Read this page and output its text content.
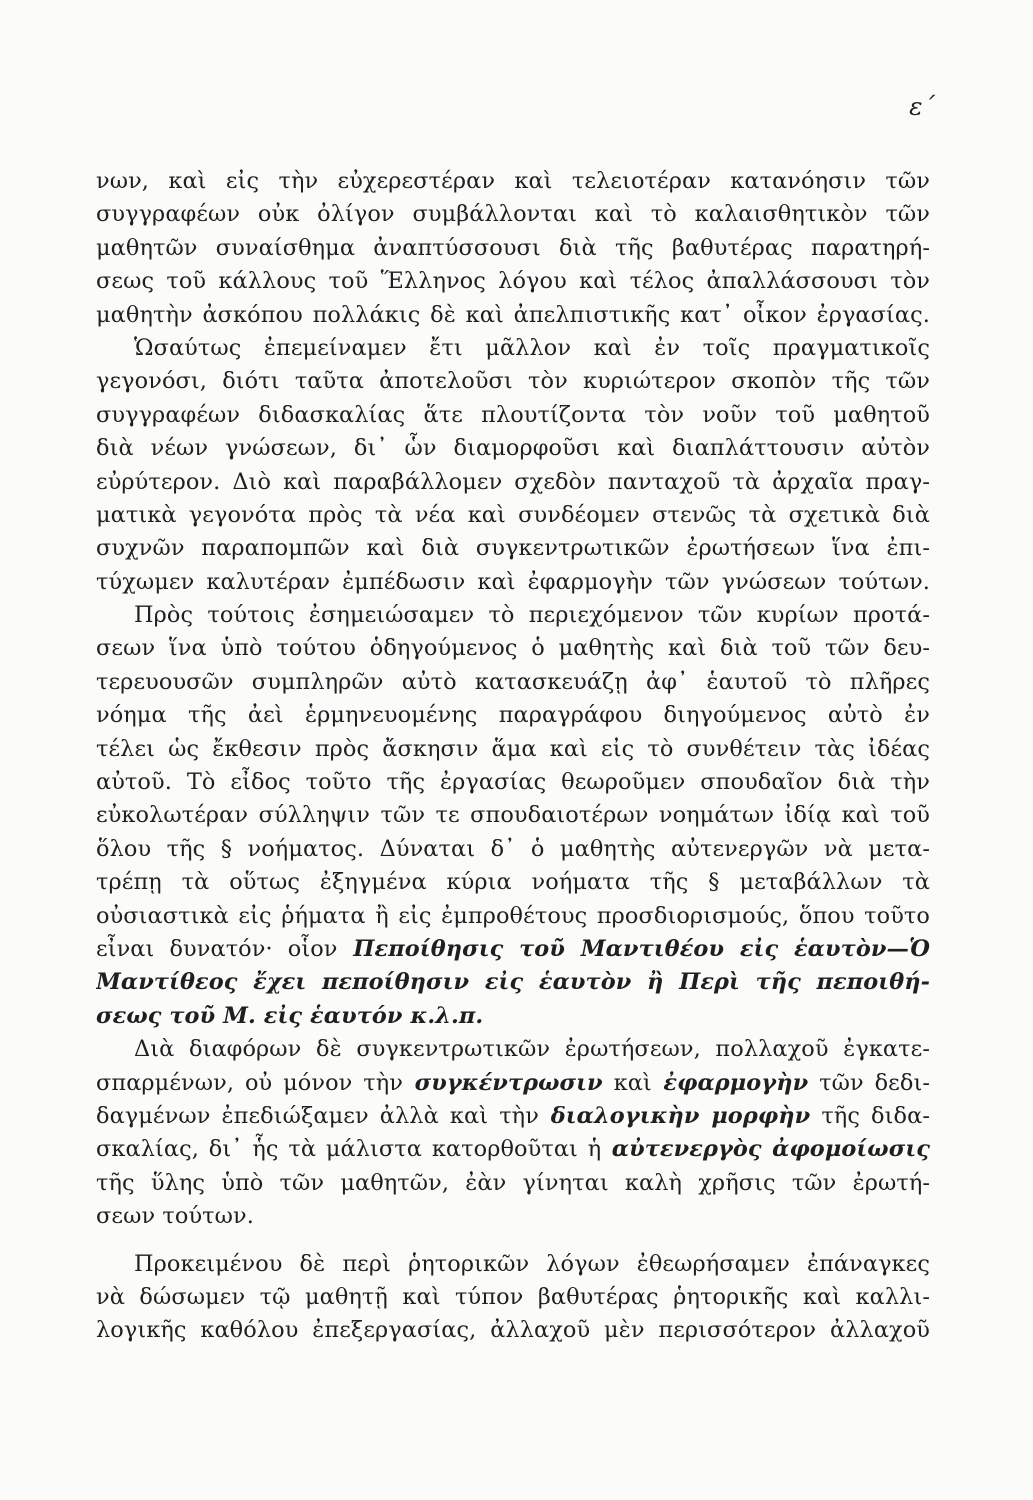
ε΄
νων, καὶ εἰς τὴν εὐχερεστέραν καὶ τελειοτέραν κατανόησιν τῶν
συγγραφέων οὐκ ὀλίγον συμβάλλονται καὶ τὸ καλαισθητικὸν τῶν
μαθητῶν συναίσθημα ἀναπτύσσουσι διὰ τῆς βαθυτέρας παρατηρή-
σεως τοῦ κάλλους τοῦ Ἕλληνος λόγου καὶ τέλος ἀπαλλάσσουσι τὸν
μαθητὴν ἀσκόπου πολλάκις δὲ καὶ ἀπελπιστικῆς κατ᾽ οἶκον ἐργασίας.
Ὡσαύτως ἐπεμείναμεν ἔτι μᾶλλον καὶ ἐν τοῖς πραγματικοῖς
γεγονόσι, διότι ταῦτα ἀποτελοῦσι τὸν κυριώτερον σκοπὸν τῆς τῶν
συγγραφέων διδασκαλίας ἅτε πλουτίζοντα τὸν νοῦν τοῦ μαθητοῦ
διὰ νέων γνώσεων, δι᾽ ὧν διαμορφοῦσι καὶ διαπλάττουσιν αὐτὸν
εὐρύτερον. Διὸ καὶ παραβάλλομεν σχεδὸν πανταχοῦ τὰ ἀρχαῖα πραγ-
ματικὰ γεγονότα πρὸς τὰ νέα καὶ συνδέομεν στενῶς τὰ σχετικὰ διὰ
συχνῶν παραπομπῶν καὶ διὰ συγκεντρωτικῶν ἐρωτήσεων ἵνα ἐπι-
τύχωμεν καλυτέραν ἐμπέδωσιν καὶ ἐφαρμογὴν τῶν γνώσεων τούτων.
Πρὸς τούτοις ἐσημειώσαμεν τὸ περιεχόμενον τῶν κυρίων προτά-
σεων ἵνα ὑπὸ τούτου ὁδηγούμενος ὁ μαθητὴς καὶ διὰ τοῦ τῶν δευ-
τερευουσῶν συμπληρῶν αὐτὸ κατασκευάζῃ ἀφ᾽ ἑαυτοῦ τὸ πλῆρες
νόημα τῆς ἀεὶ ἑρμηνευομένης παραγράφου διηγούμενος αὐτὸ ἐν
τέλει ὡς ἔκθεσιν πρὸς ἄσκησιν ἅμα καὶ εἰς τὸ συνθέτειν τὰς ἰδέας
αὐτοῦ. Τὸ εἶδος τοῦτο τῆς ἐργασίας θεωροῦμεν σπουδαῖον διὰ τὴν
εὐκολωτέραν σύλληψιν τῶν τε σπουδαιοτέρων νοημάτων ἰδίᾳ καὶ τοῦ
ὅλου τῆς § νοήματος. Δύναται δ᾽ ὁ μαθητὴς αὐτενεργῶν νὰ μετα-
τρέπῃ τὰ οὕτως ἐξηγμένα κύρια νοήματα τῆς § μεταβάλλων τὰ
οὐσιαστικὰ εἰς ῥήματα ἢ εἰς ἐμπροθέτους προσδιορισμούς, ὅπου τοῦτο
εἶναι δυνατόν· οἷον Πεποίθησις τοῦ Μαντιθέου εἰς ἑαυτὸν—Ὁ
Μαντίθεος ἔχει πεποίθησιν εἰς ἑαυτὸν ἢ Περὶ τῆς πεποιθή-
σεως τοῦ Μ. εἰς ἑαυτόν κ.λ.π.
Διὰ διαφόρων δὲ συγκεντρωτικῶν ἐρωτήσεων, πολλαχοῦ ἐγκατε-
σπαρμένων, οὐ μόνον τὴν συγκέντρωσιν καὶ ἐφαρμογὴν τῶν δεδι-
δαγμένων ἐπεδιώξαμεν ἀλλὰ καὶ τὴν διαλογικὴν μορφὴν τῆς διδα-
σκαλίας, δι᾽ ἧς τὰ μάλιστα κατορθοῦται ἡ αὐτενεργὸς ἀφομοίωσις
τῆς ὕλης ὑπὸ τῶν μαθητῶν, ἐὰν γίνηται καλὴ χρῆσις τῶν ἐρωτή-
σεων τούτων.
Προκειμένου δὲ περὶ ῥητορικῶν λόγων ἐθεωρήσαμεν ἐπάναγκες
νὰ δώσωμεν τῷ μαθητῇ καὶ τύπον βαθυτέρας ῥητορικῆς καὶ καλλι-
λογικῆς καθόλου ἐπεξεργασίας, ἀλλαχοῦ μὲν περισσότερον ἀλλαχοῦ
